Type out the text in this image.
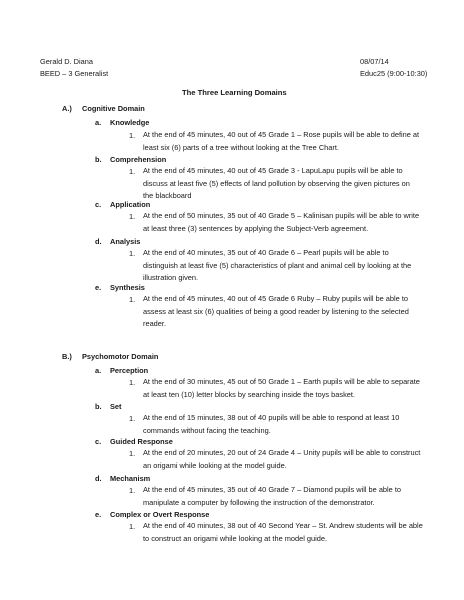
Gerald D. Diana	08/07/14
BEED – 3 Generalist	Educ25 (9:00-10:30)
The Three Learning Domains
A.) Cognitive Domain
a. Knowledge
1. At the end of 45 minutes, 40 out of 45 Grade 1 – Rose pupils will be able to define at least six (6) parts of a tree without looking at the Tree Chart.
b. Comprehension
1. At the end of 45 minutes, 40 out of 45 Grade 3 - LapuLapu pupils will be able to discuss at least five (5) effects of land pollution by observing the given pictures on the blackboard
c. Application
1. At the end of 50 minutes, 35 out of 40 Grade 5 – Kalinisan pupils will be able to write at least three (3) sentences by applying the Subject-Verb agreement.
d. Analysis
1. At the end of 40 minutes, 35 out of 40 Grade 6 – Pearl pupils will be able to distinguish at least five (5) characteristics of plant and animal cell by looking at the illustration given.
e. Synthesis
1. At the end of 45 minutes, 40 out of 45 Grade 6 Ruby – Ruby pupils will be able to assess at least six (6) qualities of being a good reader by listening to the selected reader.
B.) Psychomotor Domain
a. Perception
1. At the end of 30 minutes, 45 out of 50 Grade 1 – Earth pupils will be able to separate at least ten (10) letter blocks by searching inside the toys basket.
b. Set
1. At the end of 15 minutes, 38 out of 40 pupils will be able to respond at least 10 commands without facing the teaching.
c. Guided Response
1. At the end of 20 minutes, 20 out of 24 Grade 4 – Unity pupils will be able to construct an origami while looking at the model guide.
d. Mechanism
1. At the end of 45 minutes, 35 out of 40 Grade 7 – Diamond pupils will be able to manipulate a computer by following the instruction of the demonstrator.
e. Complex or Overt Response
1. At the end of 40 minutes, 38 out of 40 Second Year – St. Andrew students will be able to construct an origami while looking at the model guide.
